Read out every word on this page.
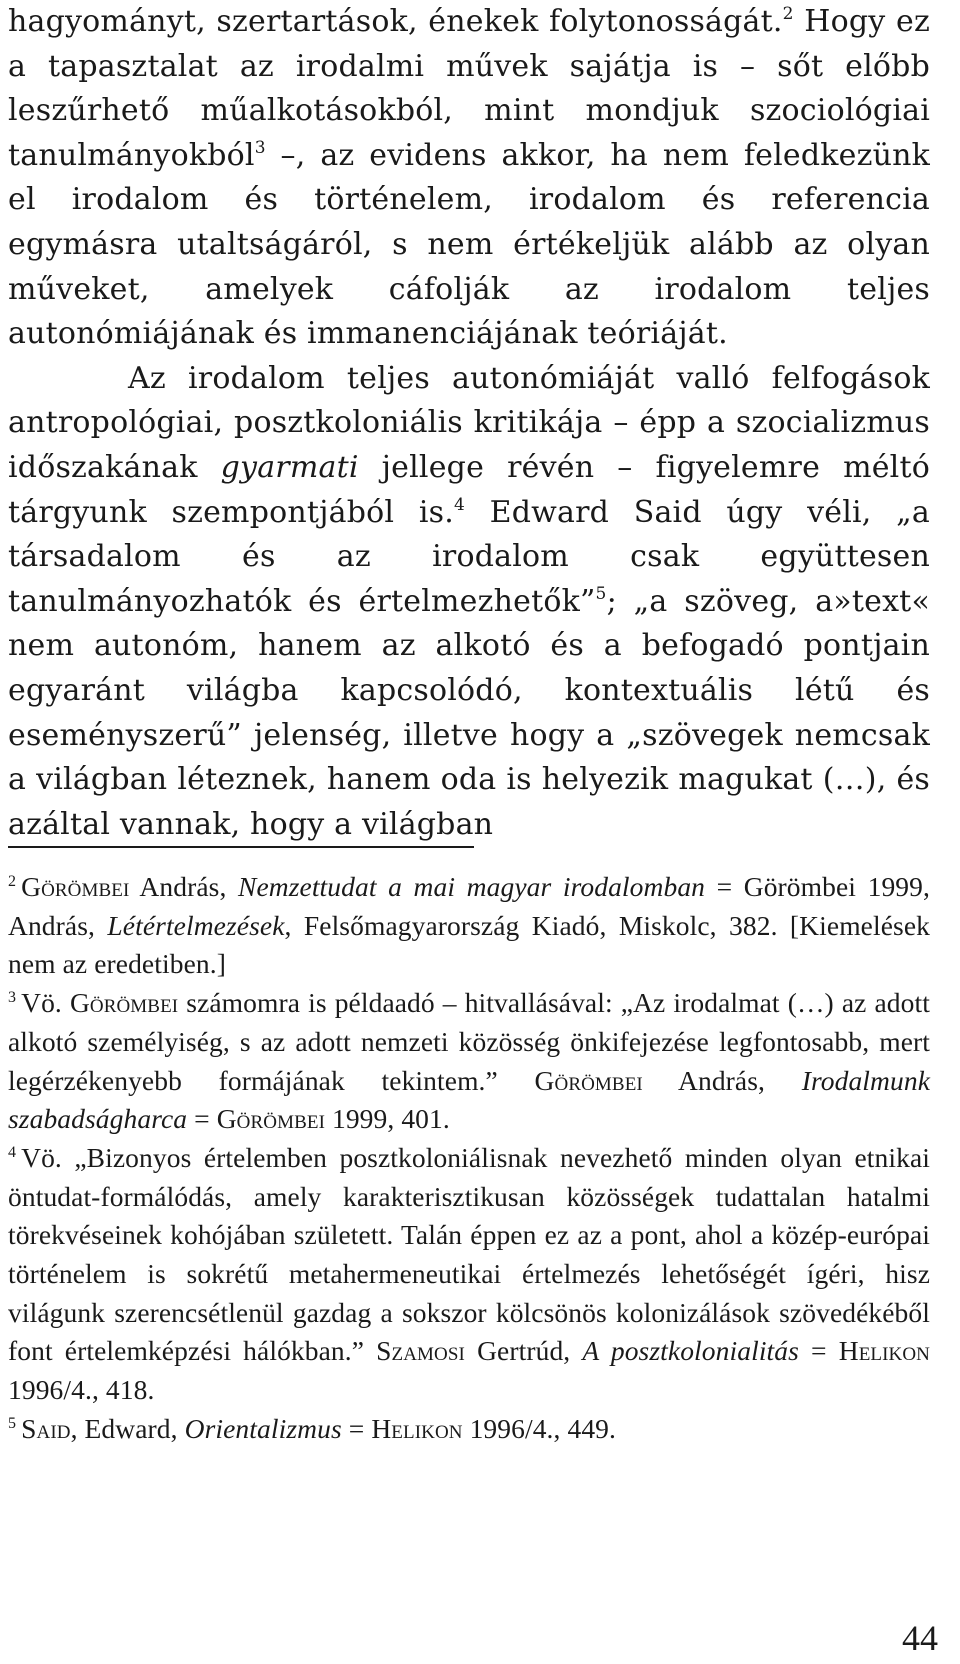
hagyományt, szertartások, énekek folytonosságát.$^2$ Hogy ez a tapasztalat az irodalmi művek sajátja is – sőt előbb leszűrhető műalkotásokból, mint mondjuk szociológiai tanulmányokból$^3$ –, az evidens akkor, ha nem feledkezünk el irodalom és történelem, irodalom és referencia egymásra utaltságáról, s nem értékeljük alább az olyan műveket, amelyek cáfolják az irodalom teljes autonómiájának és immanenciájának teóriáját.

Az irodalom teljes autonómiáját valló felfogások antropológiai, posztkoloniális kritikája – épp a szocializmus időszakának gyarmati jellege révén – figyelemre méltó tárgyunk szempontjából is.$^4$ Edward Said úgy véli, „a társadalom és az irodalom csak együttesen tanulmányozhatók és értelmezhetők”$^5$; „a szöveg, a»text« nem autonóm, hanem az alkotó és a befogadó pontjain egyaránt világba kapcsolódó, kontextuális létű és eseményszerű” jelenség, illetve hogy a „szövegek nemcsak a világban léteznek, hanem oda is helyezik magukat (…), és azáltal vannak, hogy a világban

$^2$ Görömbei András, Nemzettudat a mai magyar irodalomban = Görömbei 1999, András, Létértelmezések, Felsőmagyarország Kiadó, Miskolc, 382. [Kiemelések nem az eredetiben.]

$^3$ Vö. Görömbei számomra is példaadó – hitvallásával: „Az irodalmat (…) az adott alkotó személyiség, s az adott nemzeti közösség önkifejezése legfontosabb, mert legérzékenyebb formájának tekintem.” Görömbei András, Irodalmunk szabadságharca = Görömbei 1999, 401.

$^4$ Vö. „Bizonyos értelemben posztkoloniálisnak nevezhető minden olyan etnikai öntudat-formálódás, amely karakterisztikusan közösségek tudattalan hatalmi törekvéseinek kohójában született. Talán éppen ez az a pont, ahol a közép-európai történelem is sokrétű metahermeneutikai értelmezés lehetőségét ígéri, hisz világunk szerencsétlenül gazdag a sokszor kölcsönös kolonizálások szövedékéből font értelemképzési hálókban.” Szamosi Gertrúd, A posztkolonialitás = Helikon 1996/4., 418.

$^5$ Said, Edward, Orientalizmus = Helikon 1996/4., 449.

44
